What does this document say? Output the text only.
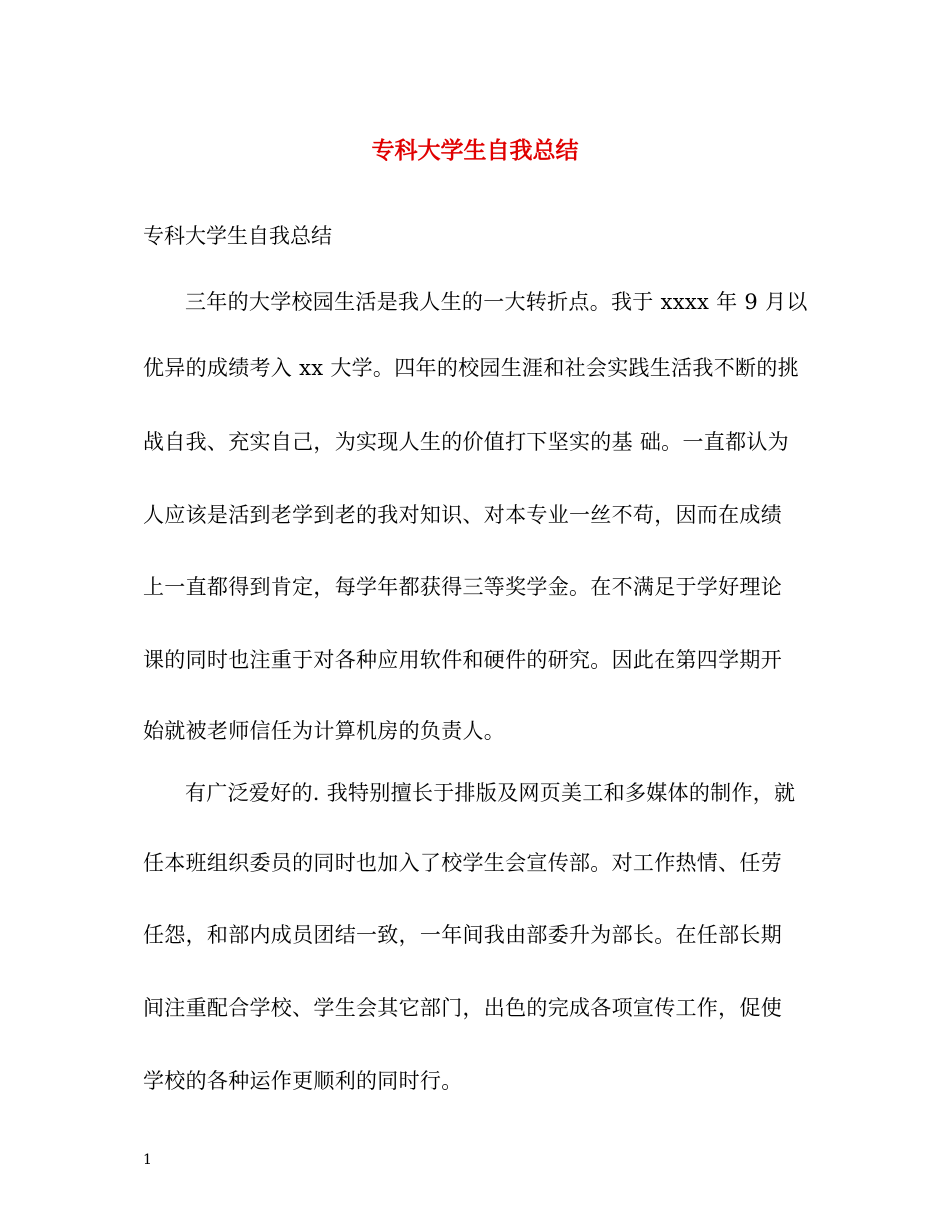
专科大学生自我总结
专科大学生自我总结
三年的大学校园生活是我人生的一大转折点。我于 xxxx 年 9 月以
优异的成绩考入 xx 大学。四年的校园生涯和社会实践生活我不断的挑
战自我、充实自己，为实现人生的价值打下坚实的基 础。一直都认为
人应该是活到老学到老的我对知识、对本专业一丝不苟，因而在成绩
上一直都得到肯定，每学年都获得三等奖学金。在不满足于学好理论
课的同时也注重于对各种应用软件和硬件的研究。因此在第四学期开
始就被老师信任为计算机房的负责人。
有广泛爱好的. 我特别擅长于排版及网页美工和多媒体的制作，就
任本班组织委员的同时也加入了校学生会宣传部。对工作热情、任劳
任怨，和部内成员团结一致，一年间我由部委升为部长。在任部长期
间注重配合学校、学生会其它部门，出色的完成各项宣传工作，促使
学校的各种运作更顺利的同时行。
1
